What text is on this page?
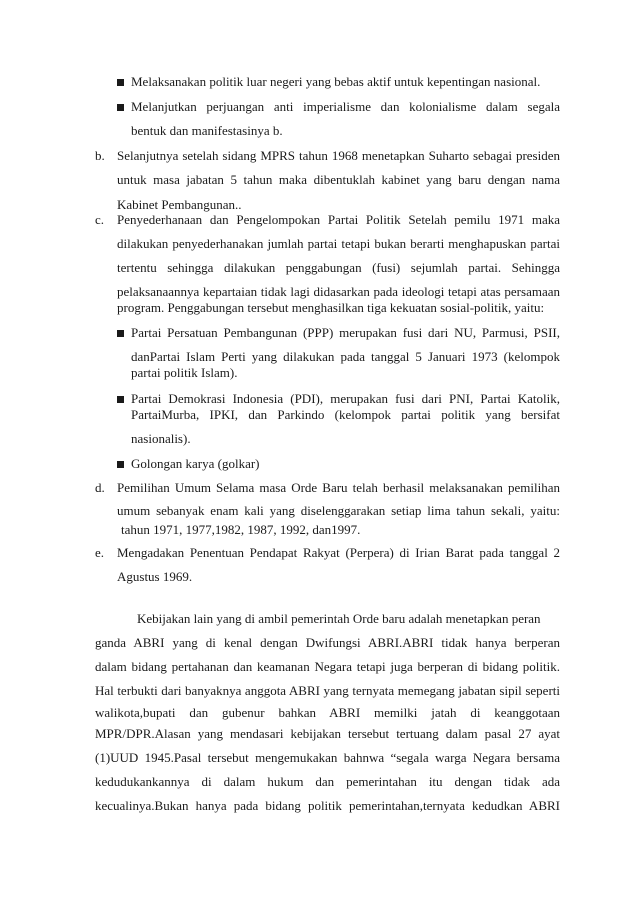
Melaksanakan politik luar negeri yang bebas aktif untuk kepentingan nasional.
Melanjutkan perjuangan anti imperialisme dan kolonialisme dalam segala
bentuk dan manifestasinya b.
b. Selanjutnya setelah sidang MPRS tahun 1968 menetapkan Suharto sebagai presiden
untuk masa jabatan 5 tahun maka dibentuklah kabinet yang baru dengan nama
Kabinet Pembangunan..
c. Penyederhanaan dan Pengelompokan Partai Politik Setelah pemilu 1971 maka
dilakukan penyederhanakan jumlah partai tetapi bukan berarti menghapuskan partai
tertentu sehingga dilakukan penggabungan (fusi) sejumlah partai. Sehingga
pelaksanaannya kepartaian tidak lagi didasarkan pada ideologi tetapi atas persamaan
program. Penggabungan tersebut menghasilkan tiga kekuatan sosial-politik, yaitu:
Partai Persatuan Pembangunan (PPP) merupakan fusi dari NU, Parmusi, PSII,
danPartai Islam Perti yang dilakukan pada tanggal 5 Januari 1973 (kelompok
partai politik Islam).
Partai Demokrasi Indonesia (PDI), merupakan fusi dari PNI, Partai Katolik,
PartaiMurba, IPKI, dan Parkindo (kelompok partai politik yang bersifat
nasionalis).
Golongan karya (golkar)
d. Pemilihan Umum Selama masa Orde Baru telah berhasil melaksanakan pemilihan
umum sebanyak enam kali yang diselenggarakan setiap lima tahun sekali, yaitu:
tahun 1971, 1977,1982, 1987, 1992, dan1997.
e. Mengadakan Penentuan Pendapat Rakyat (Perpera) di Irian Barat pada tanggal 2
Agustus 1969.
Kebijakan lain yang di ambil pemerintah Orde baru adalah menetapkan peran
ganda ABRI yang di kenal dengan Dwifungsi ABRI.ABRI tidak hanya berperan
dalam bidang pertahanan dan keamanan Negara tetapi juga berperan di bidang politik.
Hal terbukti dari banyaknya anggota ABRI yang ternyata memegang jabatan sipil seperti
walikota,bupati dan gubenur bahkan ABRI memilki jatah di keanggotaan
MPR/DPR.Alasan yang mendasari kebijakan tersebut tertuang dalam pasal 27 ayat
(1)UUD 1945.Pasal tersebut mengemukakan bahnwa “segala warga Negara bersama
kedudukankannya di dalam hukum dan pemerintahan itu dengan tidak ada
kecualinya.Bukan hanya pada bidang politik pemerintahan,ternyata kedudkan ABRI
